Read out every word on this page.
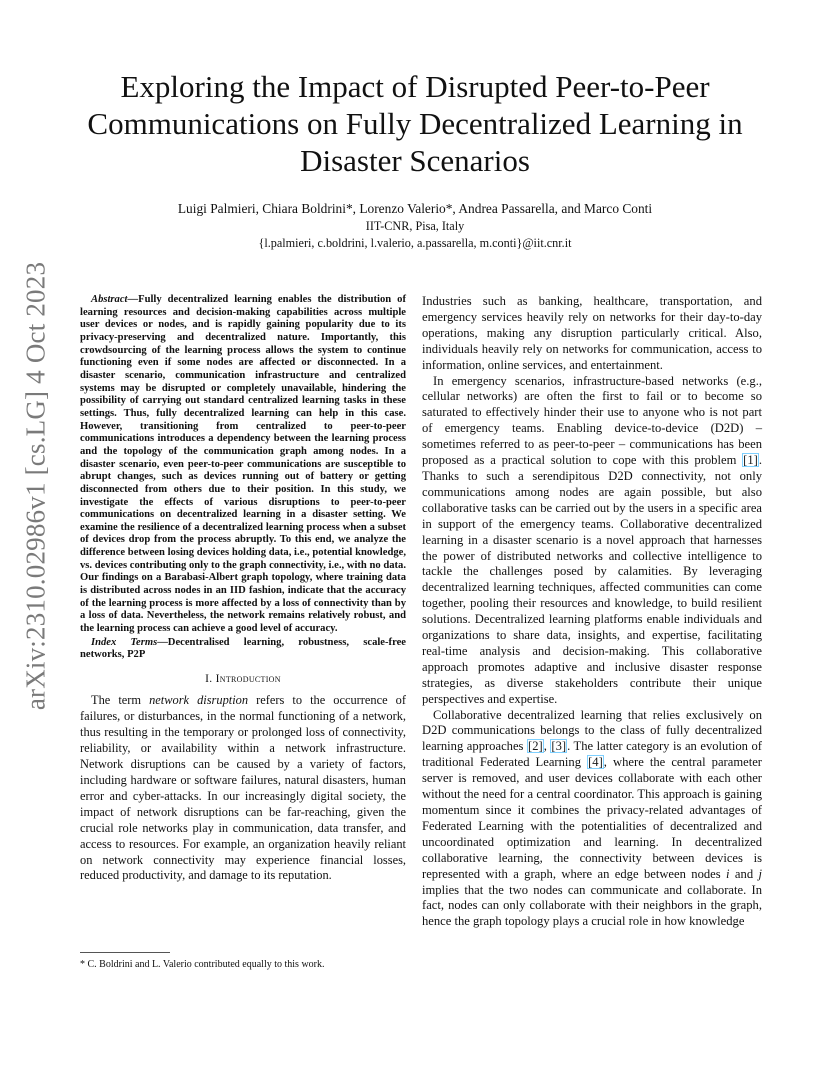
arXiv:2310.02986v1 [cs.LG] 4 Oct 2023
Exploring the Impact of Disrupted Peer-to-Peer Communications on Fully Decentralized Learning in Disaster Scenarios
Luigi Palmieri, Chiara Boldrini*, Lorenzo Valerio*, Andrea Passarella, and Marco Conti
IIT-CNR, Pisa, Italy
{l.palmieri, c.boldrini, l.valerio, a.passarella, m.conti}@iit.cnr.it

Abstract—Fully decentralized learning enables the distribution of learning resources and decision-making capabilities across multiple user devices or nodes, and is rapidly gaining popularity due to its privacy-preserving and decentralized nature. Importantly, this crowdsourcing of the learning process allows the system to continue functioning even if some nodes are affected or disconnected. In a disaster scenario, communication infrastructure and centralized systems may be disrupted or completely unavailable, hindering the possibility of carrying out standard centralized learning tasks in these settings. Thus, fully decentralized learning can help in this case. However, transitioning from centralized to peer-to-peer communications introduces a dependency between the learning process and the topology of the communication graph among nodes. In a disaster scenario, even peer-to-peer communications are susceptible to abrupt changes, such as devices running out of battery or getting disconnected from others due to their position. In this study, we investigate the effects of various disruptions to peer-to-peer communications on decentralized learning in a disaster setting. We examine the resilience of a decentralized learning process when a subset of devices drop from the process abruptly. To this end, we analyze the difference between losing devices holding data, i.e., potential knowledge, vs. devices contributing only to the graph connectivity, i.e., with no data. Our findings on a Barabasi-Albert graph topology, where training data is distributed across nodes in an IID fashion, indicate that the accuracy of the learning process is more affected by a loss of connectivity than by a loss of data. Nevertheless, the network remains relatively robust, and the learning process can achieve a good level of accuracy.

Index Terms—Decentralised learning, robustness, scale-free networks, P2P

I. Introduction

The term network disruption refers to the occurrence of failures, or disturbances, in the normal functioning of a network, thus resulting in the temporary or prolonged loss of connectivity, reliability, or availability within a network infrastructure. Network disruptions can be caused by a variety of factors, including hardware or software failures, natural disasters, human error and cyber-attacks. In our increasingly digital society, the impact of network disruptions can be far-reaching, given the crucial role networks play in communication, data transfer, and access to resources. For example, an organization heavily reliant on network connectivity may experience financial losses, reduced productivity, and damage to its reputation.

Industries such as banking, healthcare, transportation, and emergency services heavily rely on networks for their day-to-day operations, making any disruption particularly critical. Also, individuals heavily rely on networks for communication, access to information, online services, and entertainment.

In emergency scenarios, infrastructure-based networks (e.g., cellular networks) are often the first to fail or to become so saturated to effectively hinder their use to anyone who is not part of emergency teams. Enabling device-to-device (D2D) – sometimes referred to as peer-to-peer – communications has been proposed as a practical solution to cope with this problem [1]. Thanks to such a serendipitous D2D connectivity, not only communications among nodes are again possible, but also collaborative tasks can be carried out by the users in a specific area in support of the emergency teams. Collaborative decentralized learning in a disaster scenario is a novel approach that harnesses the power of distributed networks and collective intelligence to tackle the challenges posed by calamities. By leveraging decentralized learning techniques, affected communities can come together, pooling their resources and knowledge, to build resilient solutions. Decentralized learning platforms enable individuals and organizations to share data, insights, and expertise, facilitating real-time analysis and decision-making. This collaborative approach promotes adaptive and inclusive disaster response strategies, as diverse stakeholders contribute their unique perspectives and expertise.

Collaborative decentralized learning that relies exclusively on D2D communications belongs to the class of fully decentralized learning approaches [2], [3]. The latter category is an evolution of traditional Federated Learning [4], where the central parameter server is removed, and user devices collaborate with each other without the need for a central coordinator. This approach is gaining momentum since it combines the privacy-related advantages of Federated Learning with the potentialities of decentralized and uncoordinated optimization and learning. In decentralized collaborative learning, the connectivity between devices is represented with a graph, where an edge between nodes i and j implies that the two nodes can communicate and collaborate. In fact, nodes can only collaborate with their neighbors in the graph, hence the graph topology plays a crucial role in how knowledge

* C. Boldrini and L. Valerio contributed equally to this work.
